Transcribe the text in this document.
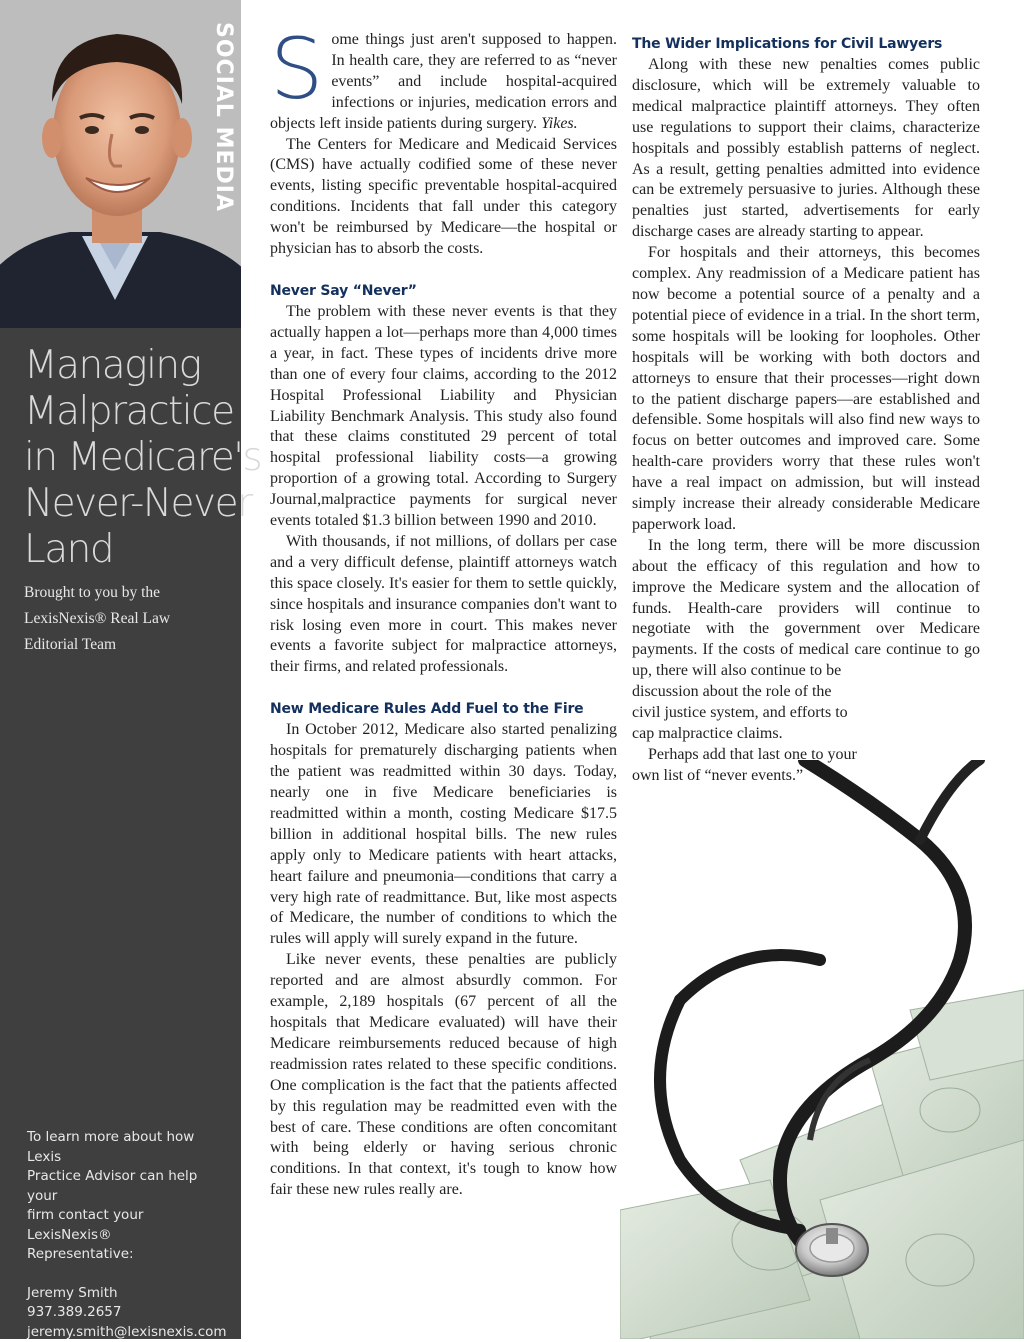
SOCIAL MEDIA
Managing
Malpractice
in Medicare's
Never-Never
Land
Brought to you by the
LexisNexis® Real Law
Editorial Team
To learn more about how Lexis
Practice Advisor can help your
firm contact your LexisNexis®
Representative:
Jeremy Smith
937.389.2657
jeremy.smith@lexisnexis.com

Some things just aren't supposed to happen. In health care, they are referred to as “never events” and include hospital-acquired infections or injuries, medication errors and objects left inside patients during surgery. Yikes.

The Centers for Medicare and Medicaid Services (CMS) have actually codified some of these never events, listing specific preventable hospital-acquired conditions. Incidents that fall under this category won't be reimbursed by Medicare—the hospital or physician has to absorb the costs.

Never Say “Never”

The problem with these never events is that they actually happen a lot—perhaps more than 4,000 times a year, in fact. These types of incidents drive more than one of every four claims, according to the 2012 Hospital Professional Liability and Physician Liability Benchmark Analysis. This study also found that these claims constituted 29 percent of total hospital professional liability costs—a growing proportion of a growing total. According to Surgery Journal,malpractice payments for surgical never events totaled $1.3 billion between 1990 and 2010.

With thousands, if not millions, of dollars per case and a very difficult defense, plaintiff attorneys watch this space closely. It's easier for them to settle quickly, since hospitals and insurance companies don't want to risk losing even more in court. This makes never events a favorite subject for malpractice attorneys, their firms, and related professionals.

New Medicare Rules Add Fuel to the Fire

In October 2012, Medicare also started penalizing hospitals for prematurely discharging patients when the patient was readmitted within 30 days. Today, nearly one in five Medicare beneficiaries is readmitted within a month, costing Medicare $17.5 billion in additional hospital bills. The new rules apply only to Medicare patients with heart attacks, heart failure and pneumonia—conditions that carry a very high rate of readmittance. But, like most aspects of Medicare, the number of conditions to which the rules will apply will surely expand in the future.

Like never events, these penalties are publicly reported and are almost absurdly common. For example, 2,189 hospitals (67 percent of all the hospitals that Medicare evaluated) will have their Medicare reimbursements reduced because of high readmission rates related to these specific conditions. One complication is the fact that the patients affected by this regulation may be readmitted even with the best of care. These conditions are often concomitant with being elderly or having serious chronic conditions. In that context, it's tough to know how fair these new rules really are.

The Wider Implications for Civil Lawyers

Along with these new penalties comes public disclosure, which will be extremely valuable to medical malpractice plaintiff attorneys. They often use regulations to support their claims, characterize hospitals and possibly establish patterns of neglect. As a result, getting penalties admitted into evidence can be extremely persuasive to juries. Although these penalties just started, advertisements for early discharge cases are already starting to appear.

For hospitals and their attorneys, this becomes complex. Any readmission of a Medicare patient has now become a potential source of a penalty and a potential piece of evidence in a trial. In the short term, some hospitals will be looking for loopholes. Other hospitals will be working with both doctors and attorneys to ensure that their processes—right down to the patient discharge papers—are established and defensible. Some hospitals will also find new ways to focus on better outcomes and improved care. Some health-care providers worry that these rules won't have a real impact on admission, but will instead simply increase their already considerable Medicare paperwork load.

In the long term, there will be more discussion about the efficacy of this regulation and how to improve the Medicare system and the allocation of funds. Health-care providers will continue to negotiate with the government over Medicare payments. If the costs of medical care continue to go up, there will also continue to be

discussion about the role of the civil justice system, and efforts to cap malpractice claims.

Perhaps add that last one to your own list of “never events.”
